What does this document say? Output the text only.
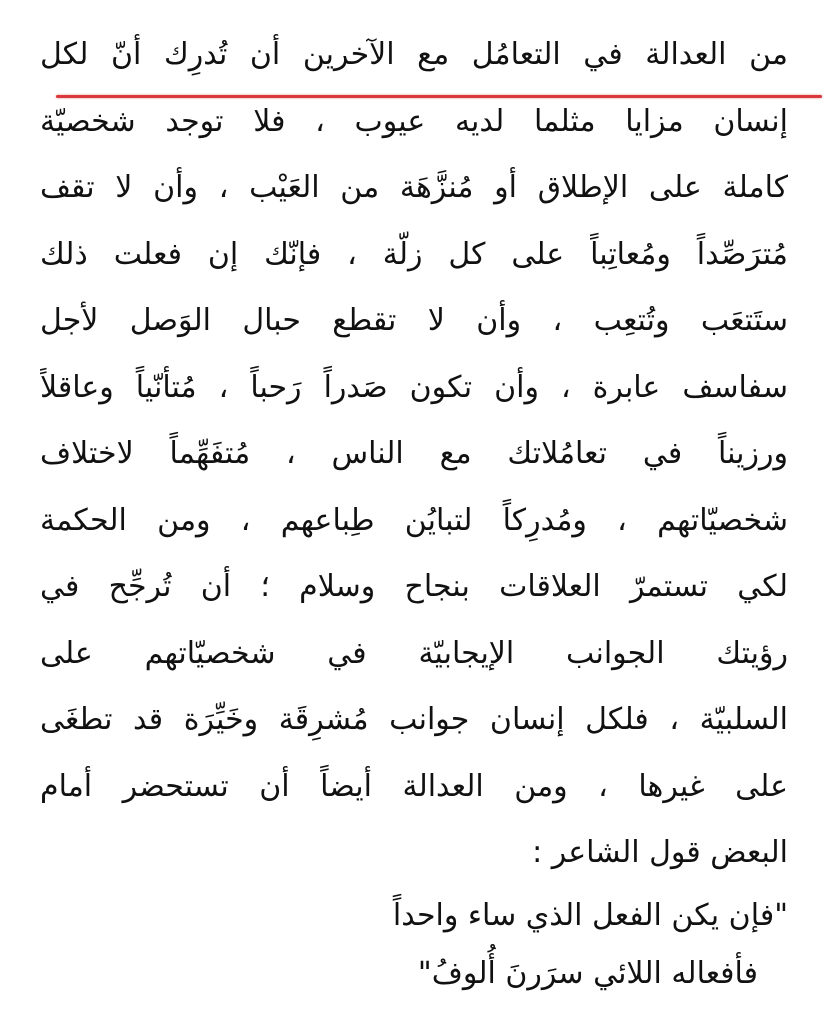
من العدالة في التعامُل مع الآخرين أن تُدرِك أنّ لكل
إنسان مزايا مثلما لديه عيوب ، فلا توجد شخصيّة
كاملة على الإطلاق أو مُنزَّهَة من العَيْب ، وأن لا تقف
مُترَصِّداً ومُعاتِباً على كل زلّة ، فإنّك إن فعلت ذلك
ستَتعَب وتُتعِب ، وأن لا تقطع حبال الوَصل لأجل
سفاسف عابرة ، وأن تكون صَدراً رَحباً ، مُتأنّياً وعاقلاً
ورزيناً في تعامُلاتك مع الناس ، مُتفَهِّماً لاختلاف
شخصيّاتهم ، ومُدرِكاً لتبايُن طِباعهم ، ومن الحكمة
لكي تستمرّ العلاقات بنجاح وسلام ؛ أن تُرجِّح في
رؤيتك الجوانب الإيجابيّة في شخصيّاتهم على
السلبيّة ، فلكل إنسان جوانب مُشرِقَة وخَيِّرَة قد تطغَى
على غيرها ، ومن العدالة أيضاً أن تستحضر أمام
البعض قول الشاعر :
"فإن يكن الفعل الذي ساء واحداً
فأفعاله اللائي سرَرنَ أُلوفُ"
